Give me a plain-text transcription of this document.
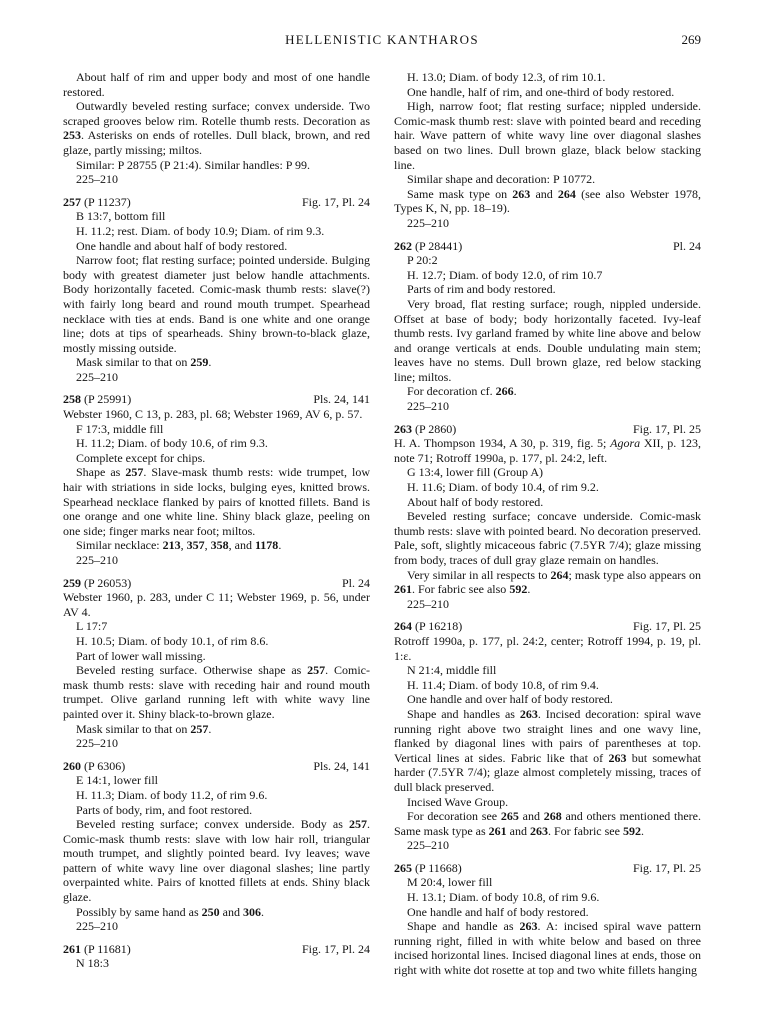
HELLENISTIC KANTHAROS	269

About half of rim and upper body and most of one handle restored.

Outwardly beveled resting surface; convex underside. Two scraped grooves below rim. Rotelle thumb rests. Decoration as 253. Asterisks on ends of rotelles. Dull black, brown, and red glaze, partly missing; miltos.

Similar: P 28755 (P 21:4). Similar handles: P 99.

225–210

257 (P 11237)	Fig. 17, Pl. 24

B 13:7, bottom fill

H. 11.2; rest. Diam. of body 10.9; Diam. of rim 9.3.

One handle and about half of body restored.

Narrow foot; flat resting surface; pointed underside. Bulging body with greatest diameter just below handle attachments. Body horizontally faceted. Comic-mask thumb rests: slave(?) with fairly long beard and round mouth trumpet. Spearhead necklace with ties at ends. Band is one white and one orange line; dots at tips of spearheads. Shiny brown-to-black glaze, mostly missing outside.

Mask similar to that on 259.

225–210

258 (P 25991)	Pls. 24, 141

Webster 1960, C 13, p. 283, pl. 68; Webster 1969, AV 6, p. 57.

F 17:3, middle fill

H. 11.2; Diam. of body 10.6, of rim 9.3.

Complete except for chips.

Shape as 257. Slave-mask thumb rests: wide trumpet, low hair with striations in side locks, bulging eyes, knitted brows. Spearhead necklace flanked by pairs of knotted fillets. Band is one orange and one white line. Shiny black glaze, peeling on one side; finger marks near foot; miltos.

Similar necklace: 213, 357, 358, and 1178.

225–210

259 (P 26053)	Pl. 24

Webster 1960, p. 283, under C 11; Webster 1969, p. 56, under AV 4.

L 17:7

H. 10.5; Diam. of body 10.1, of rim 8.6.

Part of lower wall missing.

Beveled resting surface. Otherwise shape as 257. Comic-mask thumb rests: slave with receding hair and round mouth trumpet. Olive garland running left with white wavy line painted over it. Shiny black-to-brown glaze.

Mask similar to that on 257.

225–210

260 (P 6306)	Pls. 24, 141

E 14:1, lower fill

H. 11.3; Diam. of body 11.2, of rim 9.6.

Parts of body, rim, and foot restored.

Beveled resting surface; convex underside. Body as 257. Comic-mask thumb rests: slave with low hair roll, triangular mouth trumpet, and slightly pointed beard. Ivy leaves; wave pattern of white wavy line over diagonal slashes; line partly overpainted white. Pairs of knotted fillets at ends. Shiny black glaze.

Possibly by same hand as 250 and 306.

225–210

261 (P 11681)	Fig. 17, Pl. 24

N 18:3

H. 13.0; Diam. of body 12.3, of rim 10.1.

One handle, half of rim, and one-third of body restored.

High, narrow foot; flat resting surface; nippled underside. Comic-mask thumb rest: slave with pointed beard and receding hair. Wave pattern of white wavy line over diagonal slashes based on two lines. Dull brown glaze, black below stacking line.

Similar shape and decoration: P 10772.

Same mask type on 263 and 264 (see also Webster 1978, Types K, N, pp. 18–19).

225–210

262 (P 28441)	Pl. 24

P 20:2

H. 12.7; Diam. of body 12.0, of rim 10.7

Parts of rim and body restored.

Very broad, flat resting surface; rough, nippled underside. Offset at base of body; body horizontally faceted. Ivy-leaf thumb rests. Ivy garland framed by white line above and below and orange verticals at ends. Double undulating main stem; leaves have no stems. Dull brown glaze, red below stacking line; miltos.

For decoration cf. 266.

225–210

263 (P 2860)	Fig. 17, Pl. 25

H. A. Thompson 1934, A 30, p. 319, fig. 5; Agora XII, p. 123, note 71; Rotroff 1990a, p. 177, pl. 24:2, left.

G 13:4, lower fill (Group A)

H. 11.6; Diam. of body 10.4, of rim 9.2.

About half of body restored.

Beveled resting surface; concave underside. Comic-mask thumb rests: slave with pointed beard. No decoration preserved. Pale, soft, slightly micaceous fabric (7.5YR 7/4); glaze missing from body, traces of dull gray glaze remain on handles.

Very similar in all respects to 264; mask type also appears on 261. For fabric see also 592.

225–210

264 (P 16218)	Fig. 17, Pl. 25

Rotroff 1990a, p. 177, pl. 24:2, center; Rotroff 1994, p. 19, pl. 1:ε.

N 21:4, middle fill

H. 11.4; Diam. of body 10.8, of rim 9.4.

One handle and over half of body restored.

Shape and handles as 263. Incised decoration: spiral wave running right above two straight lines and one wavy line, flanked by diagonal lines with pairs of parentheses at top. Vertical lines at sides. Fabric like that of 263 but somewhat harder (7.5YR 7/4); glaze almost completely missing, traces of dull black preserved.

Incised Wave Group.

For decoration see 265 and 268 and others mentioned there. Same mask type as 261 and 263. For fabric see 592.

225–210

265 (P 11668)	Fig. 17, Pl. 25

M 20:4, lower fill

H. 13.1; Diam. of body 10.8, of rim 9.6.

One handle and half of body restored.

Shape and handle as 263. A: incised spiral wave pattern running right, filled in with white below and based on three incised horizontal lines. Incised diagonal lines at ends, those on right with white dot rosette at top and two white fillets hanging
